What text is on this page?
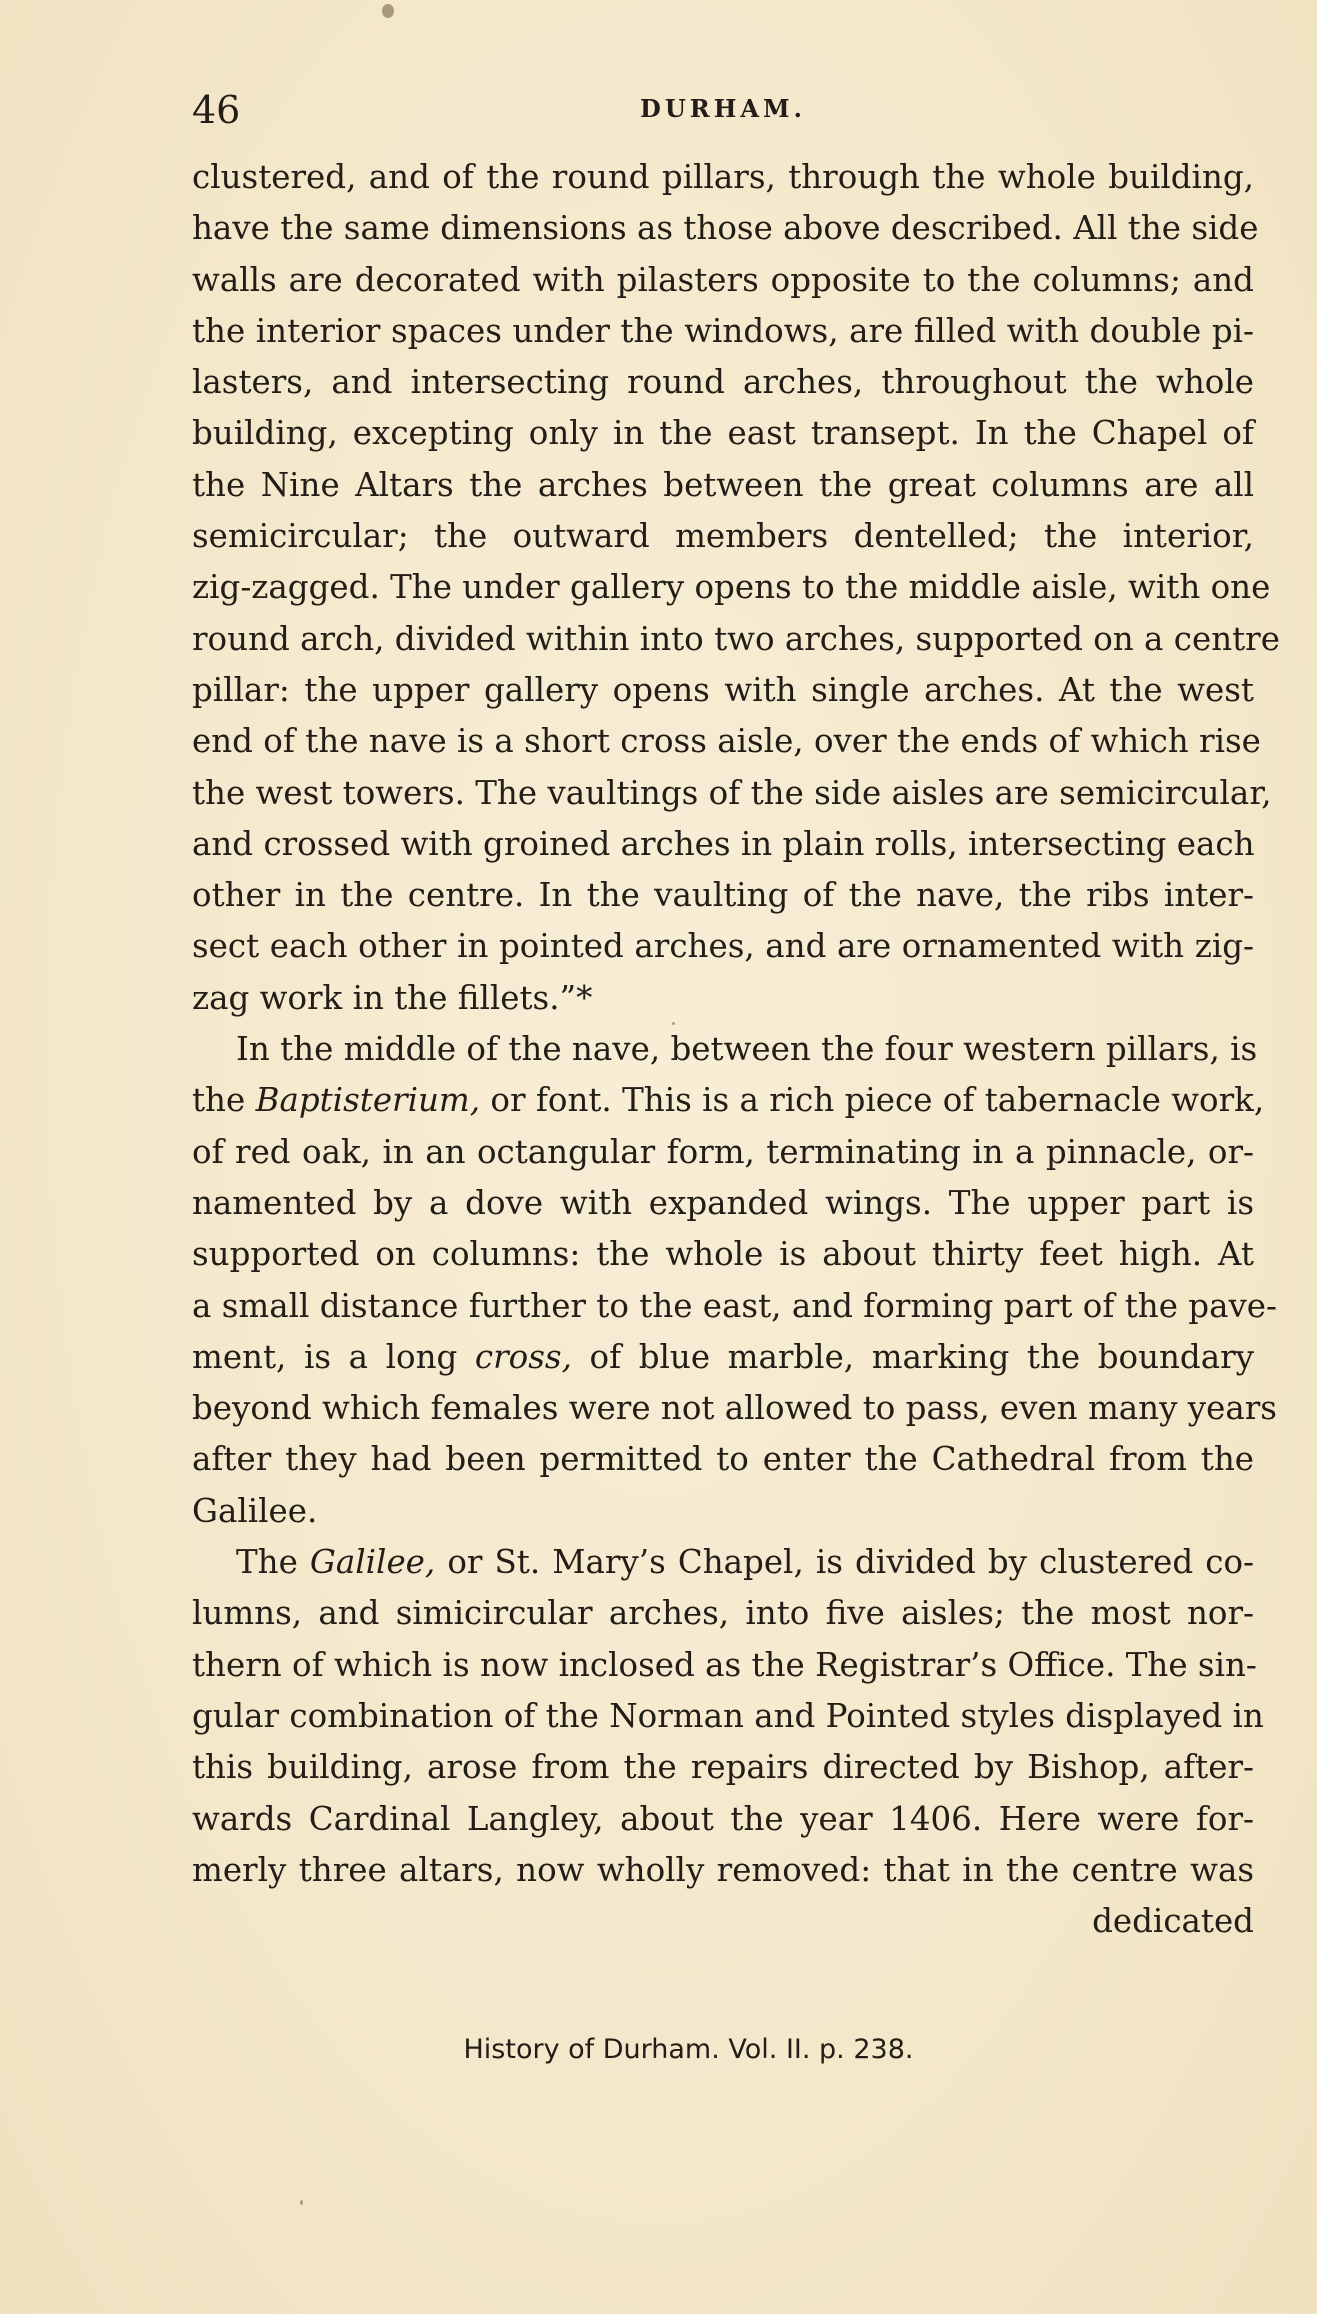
46	DURHAM.
clustered, and of the round pillars, through the whole building,
have the same dimensions as those above described. All the side
walls are decorated with pilasters opposite to the columns; and
the interior spaces under the windows, are filled with double pi-
lasters, and intersecting round arches, throughout the whole
building, excepting only in the east transept. In the Chapel of
the Nine Altars the arches between the great columns are all
semicircular; the outward members dentelled; the interior,
zig-zagged. The under gallery opens to the middle aisle, with one
round arch, divided within into two arches, supported on a centre
pillar: the upper gallery opens with single arches. At the west
end of the nave is a short cross aisle, over the ends of which rise
the west towers. The vaultings of the side aisles are semicircular,
and crossed with groined arches in plain rolls, intersecting each
other in the centre. In the vaulting of the nave, the ribs inter-
sect each other in pointed arches, and are ornamented with zig-
zag work in the fillets.”*
In the middle of the nave, between the four western pillars, is
the Baptisterium, or font. This is a rich piece of tabernacle work,
of red oak, in an octangular form, terminating in a pinnacle, or-
namented by a dove with expanded wings. The upper part is
supported on columns: the whole is about thirty feet high. At
a small distance further to the east, and forming part of the pave-
ment, is a long cross, of blue marble, marking the boundary
beyond which females were not allowed to pass, even many years
after they had been permitted to enter the Cathedral from the
Galilee.
The Galilee, or St. Mary’s Chapel, is divided by clustered co-
lumns, and simicircular arches, into five aisles; the most nor-
thern of which is now inclosed as the Registrar’s Office. The sin-
gular combination of the Norman and Pointed styles displayed in
this building, arose from the repairs directed by Bishop, after-
wards Cardinal Langley, about the year 1406. Here were for-
merly three altars, now wholly removed: that in the centre was
dedicated
History of Durham. Vol. II. p. 238.
